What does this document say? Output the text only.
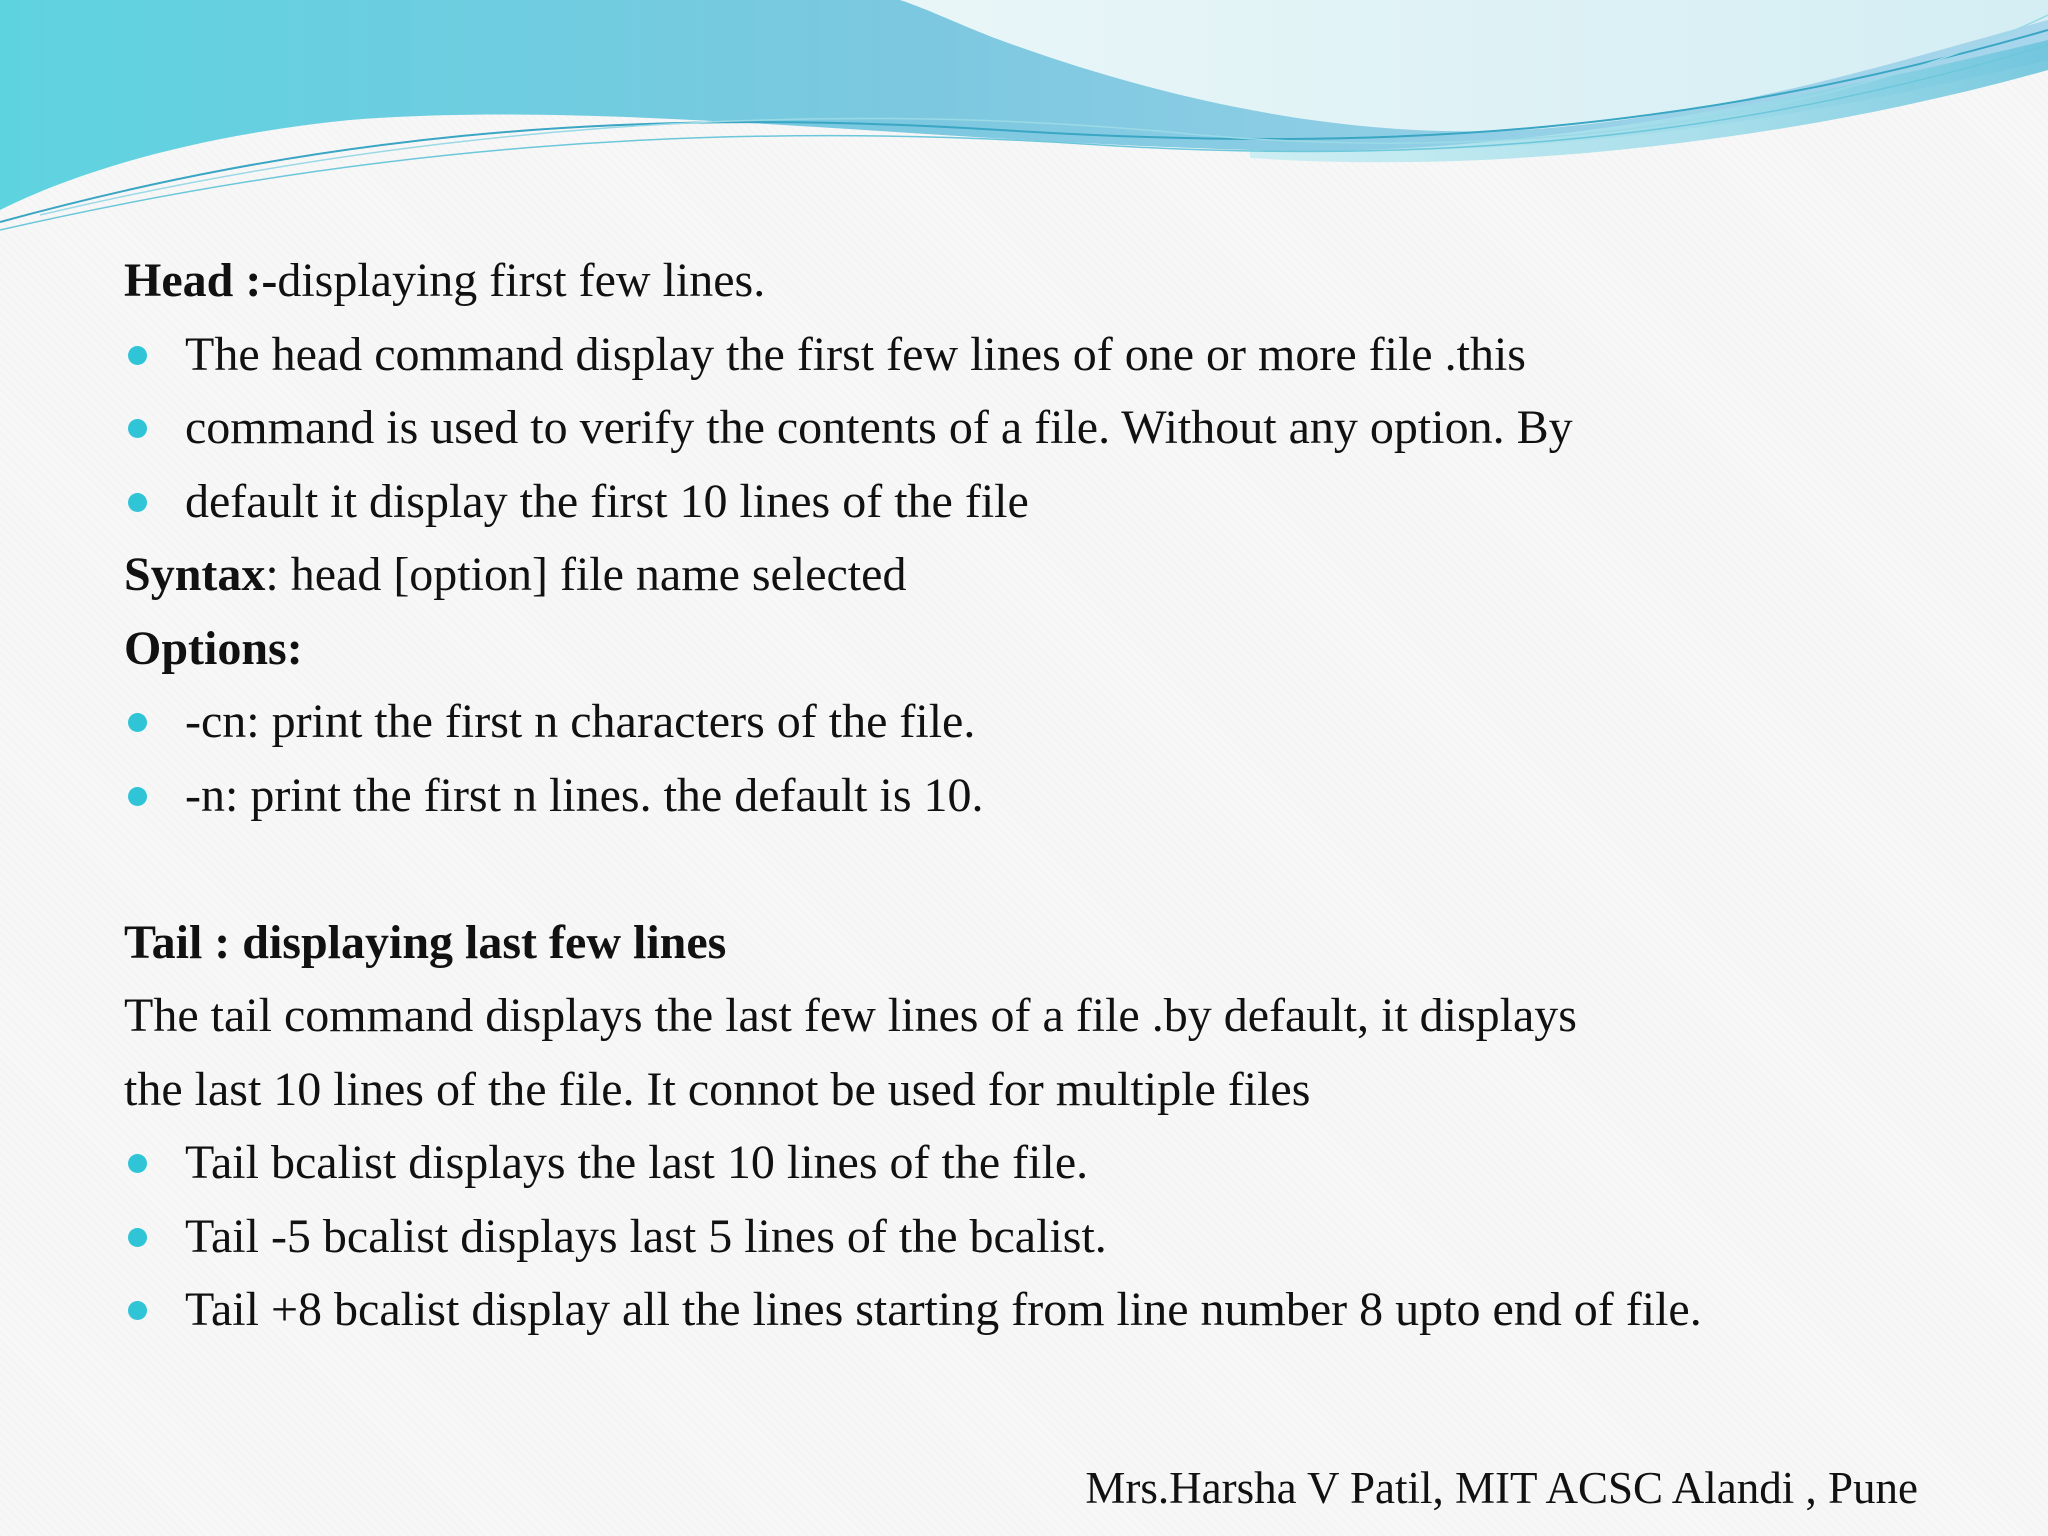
Head :-displaying first few lines.
The head command display the first few lines of one or more file .this
command is used to verify the contents of a file. Without any option. By
default it display the first 10 lines of the file
Syntax: head [option] file name selected
Options:
-cn: print the first n characters of the file.
-n: print the first n lines. the default is 10.
Tail : displaying last few lines
The tail command displays the last few lines of a file .by default, it displays
the last 10 lines of the file. It connot be used for multiple files
Tail bcalist displays the last 10 lines of the file.
Tail -5 bcalist displays last 5 lines of the bcalist.
Tail +8 bcalist display all the lines starting from line number 8 upto end of file.
Mrs.Harsha V Patil, MIT ACSC Alandi , Pune
